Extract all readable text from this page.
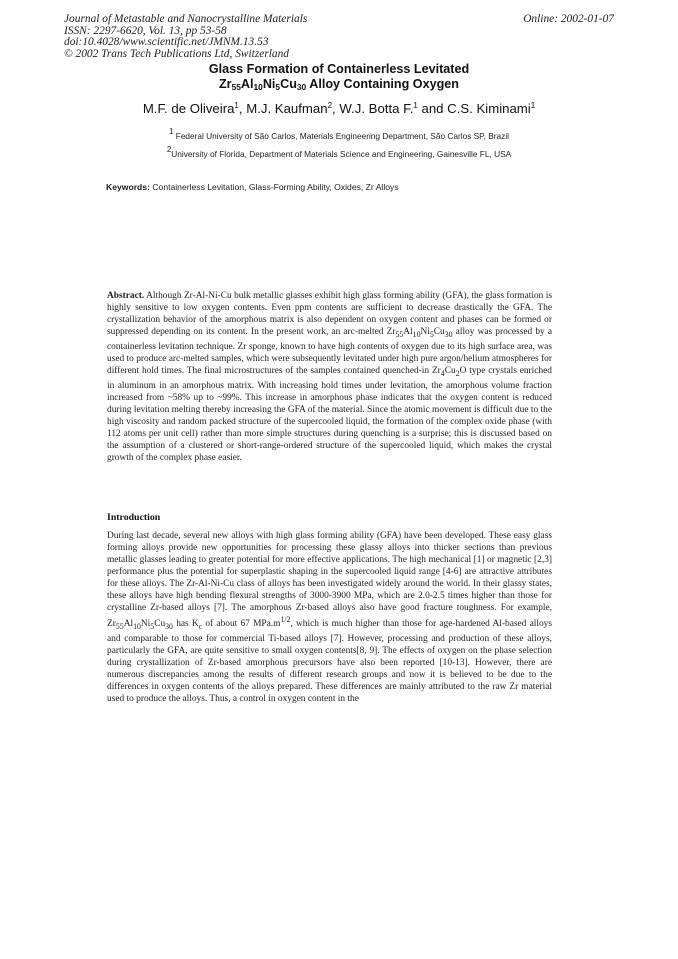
Journal of Metastable and Nanocrystalline Materials
ISSN: 2297-6620, Vol. 13, pp 53-58
doi:10.4028/www.scientific.net/JMNM.13.53
© 2002 Trans Tech Publications Ltd, Switzerland
Online: 2002-01-07
Glass Formation of Containerless Levitated
$Zr_{55}Al_{10}Ni_5Cu_{30}$ Alloy Containing Oxygen
M.F. de Oliveira$^1$, M.J. Kaufman$^2$, W.J. Botta F.$^1$ and C.S. Kiminami$^1$
$^1$ Federal University of São Carlos, Materials Engineering Department, São Carlos SP, Brazil
$^2$University of Florida, Department of Materials Science and Engineering, Gainesville FL, USA
Keywords: Containerless Levitation, Glass-Forming Ability, Oxides, Zr Alloys

Abstract. Although Zr-Al-Ni-Cu bulk metallic glasses exhibit high glass forming ability (GFA), the glass formation is highly sensitive to low oxygen contents. Even ppm contents are sufficient to decrease drastically the GFA. The crystallization behavior of the amorphous matrix is also dependent on oxygen content and phases can be formed or suppressed depending on its content. In the present work, an arc-melted $Zr_{55}Al_{10}Ni_5Cu_{30}$ alloy was processed by a containerless levitation technique. Zr sponge, known to have high contents of oxygen due to its high surface area, was used to produce arc-melted samples, which were subsequently levitated under high pure argon/helium atmospheres for different hold times. The final microstructures of the samples contained quenched-in $Zr_4Cu_2O$ type crystals enriched in aluminum in an amorphous matrix. With increasing hold times under levitation, the amorphous volume fraction increased from ~58% up to ~99%. This increase in amorphous phase indicates that the oxygen content is reduced during levitation melting thereby increasing the GFA of the material. Since the atomic movement is difficult due to the high viscosity and random packed structure of the supercooled liquid, the formation of the complex oxide phase (with 112 atoms per unit cell) rather than more simple structures during quenching is a surprise; this is discussed based on the assumption of a clustered or short-range-ordered structure of the supercooled liquid, which makes the crystal growth of the complex phase easier.

Introduction

During last decade, several new alloys with high glass forming ability (GFA) have been developed. These easy glass forming alloys provide new opportunities for processing these glassy alloys into thicker sections than previous metallic glasses leading to greater potential for more effective applications. The high mechanical [1] or magnetic [2,3] performance plus the potential for superplastic shaping in the supercooled liquid range [4-6] are attractive attributes for these alloys. The Zr-Al-Ni-Cu class of alloys has been investigated widely around the world. In their glassy states, these alloys have high bending flexural strengths of 3000-3900 MPa, which are 2.0-2.5 times higher than those for crystalline Zr-based alloys [7]. The amorphous Zr-based alloys also have good fracture toughness. For example, $Zr_{55}Al_{10}Ni_5Cu_{30}$ has $K_c$ of about 67 $MPa.m^{1/2}$, which is much higher than those for age-hardened Al-based alloys and comparable to those for commercial Ti-based alloys [7]. However, processing and production of these alloys, particularly the GFA, are quite sensitive to small oxygen contents[8, 9]. The effects of oxygen on the phase selection during crystallization of Zr-based amorphous precursors have also been reported [10-13]. However, there are numerous discrepancies among the results of different research groups and now it is believed to be due to the differences in oxygen contents of the alloys prepared. These differences are mainly attributed to the raw Zr material used to produce the alloys. Thus, a control in oxygen content in the
